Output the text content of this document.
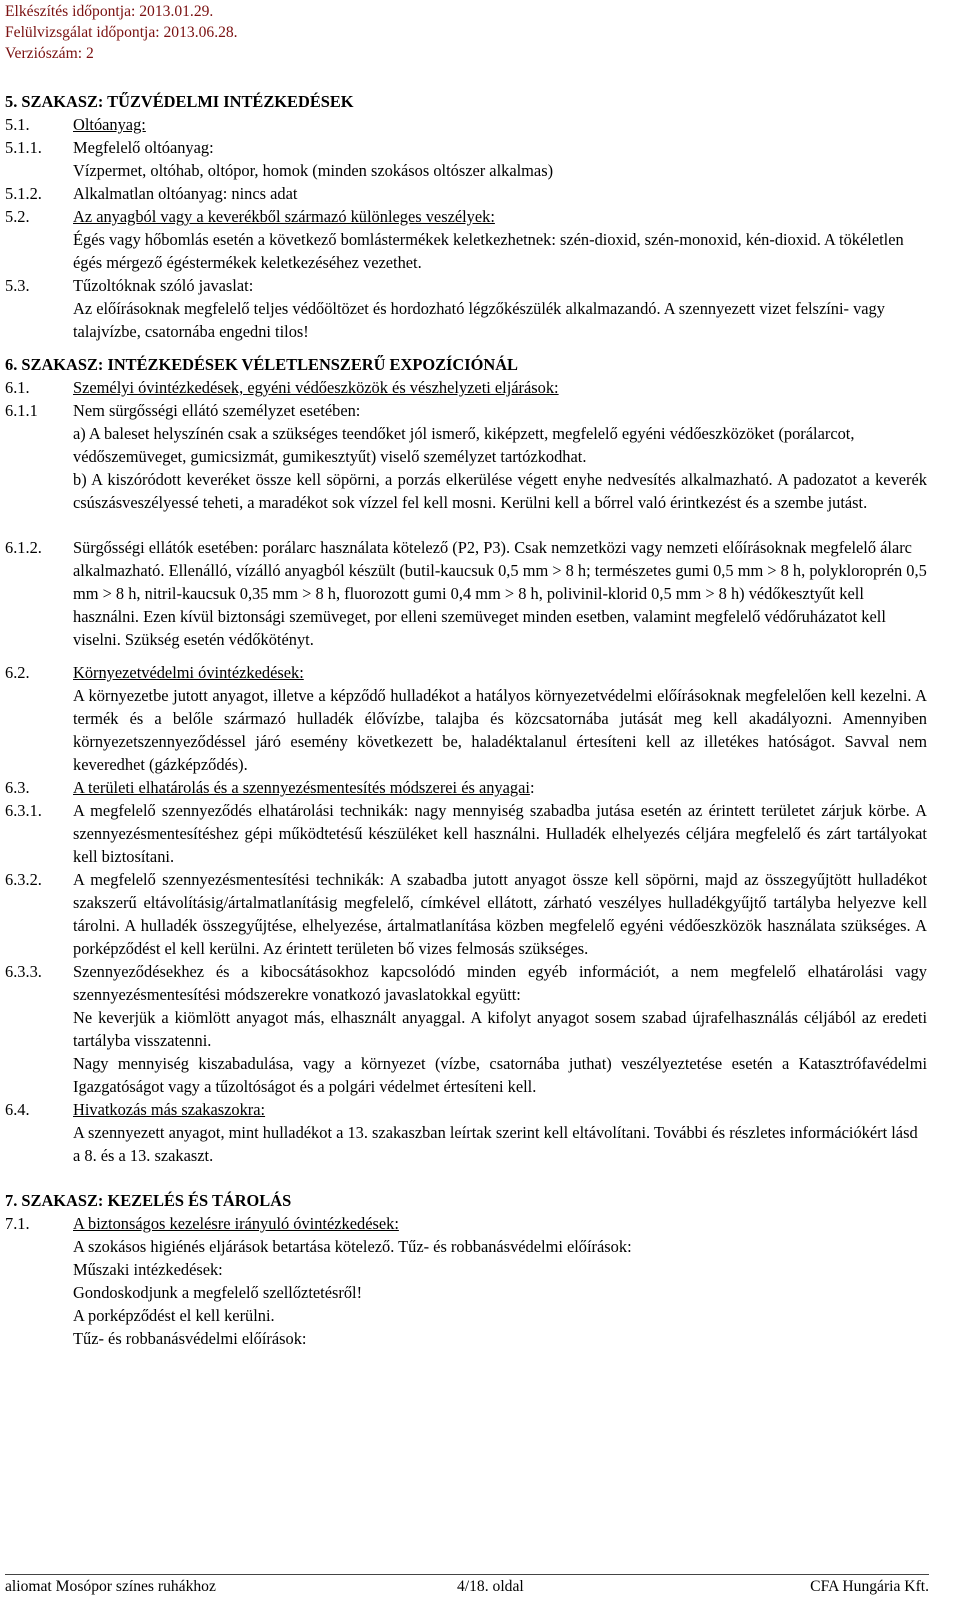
Elkészítés időpontja: 2013.01.29.
Felülvizsgálat időpontja: 2013.06.28.
Verziószám: 2
5. SZAKASZ: TŰZVÉDELMI INTÉZKEDÉSEK
5.1.	Oltóanyag:
5.1.1.	Megfelelő oltóanyag:
Vízpermet, oltóhab, oltópor, homok (minden szokásos oltószer alkalmas)
5.1.2.	Alkalmatlan oltóanyag: nincs adat
5.2.	Az anyagból vagy a keverékből származó különleges veszélyek:
Égés vagy hőbomlás esetén a következő bomlástermékek keletkezhetnek: szén-dioxid, szén-monoxid, kén-dioxid. A tökéletlen égés mérgező égéstermékek keletkezéséhez vezethet.
5.3.	Tűzoltóknak szóló javaslat:
Az előírásoknak megfelelő teljes védőöltözet és hordozható légzőkészülék alkalmazandó. A szennyezett vizet felszíni- vagy talajvízbe, csatornába engedni tilos!
6. SZAKASZ: INTÉZKEDÉSEK VÉLETLENSZERŰ EXPOZÍCIÓNÁL
6.1.	Személyi óvintézkedések, egyéni védőeszközök és vészhelyzeti eljárások:
6.1.1	Nem sürgősségi ellátó személyzet esetében:
a) A baleset helyszínén csak a szükséges teendőket jól ismerő, kiképzett, megfelelő egyéni védőeszközöket (porálarcot, védőszemüveget, gumicsizmát, gumikesztyűt) viselő személyzet tartózkodhat.
b) A kiszóródott keveréket össze kell söpörni, a porzás elkerülése végett enyhe nedvesítés alkalmazható. A padozatot a keverék csúszásveszélyessé teheti, a maradékot sok vízzel fel kell mosni. Kerülni kell a bőrrel való érintkezést és a szembe jutást.
6.1.2.	Sürgősségi ellátók esetében: porálarc használata kötelező (P2, P3). Csak nemzetközi vagy nemzeti előírásoknak megfelelő álarc alkalmazható. Ellenálló, vízálló anyagból készült (butil-kaucsuk 0,5 mm > 8 h; természetes gumi 0,5 mm > 8 h, polykloroprén 0,5 mm > 8 h, nitril-kaucsuk 0,35 mm > 8 h, fluorozott gumi 0,4 mm > 8 h, polivinil-klorid 0,5 mm > 8 h) védőkesztyűt kell használni. Ezen kívül biztonsági szemüveget, por elleni szemüveget minden esetben, valamint megfelelő védőruházatot kell viselni. Szükség esetén védőkötényt.
6.2.	Környezetvédelmi óvintézkedések:
A környezetbe jutott anyagot, illetve a képződő hulladékot a hatályos környezetvédelmi előírásoknak megfelelően kell kezelni. A termék és a belőle származó hulladék élővízbe, talajba és közcsatornába jutását meg kell akadályozni. Amennyiben környezetszennyeződéssel járó esemény következett be, haladéktalanul értesíteni kell az illetékes hatóságot. Savval nem keveredhet (gázképződés).
6.3.	A területi elhatárolás és a szennyezésmentesítés módszerei és anyagai:
6.3.1.	A megfelelő szennyeződés elhatárolási technikák: nagy mennyiség szabadba jutása esetén az érintett területet zárjuk körbe. A szennyezésmentesítéshez gépi működtetésű készüléket kell használni. Hulladék elhelyezés céljára megfelelő és zárt tartályokat kell biztosítani.
6.3.2.	A megfelelő szennyezésmentesítési technikák: A szabadba jutott anyagot össze kell söpörni, majd az összegyűjtött hulladékot szakszerű eltávolításig/ártalmatlanításig megfelelő, címkével ellátott, zárható veszélyes hulladékgyűjtő tartályba helyezve kell tárolni. A hulladék összegyűjtése, elhelyezése, ártalmatlanítása közben megfelelő egyéni védőeszközök használata szükséges. A porképződést el kell kerülni. Az érintett területen bő vizes felmosás szükséges.
6.3.3.	Szennyeződésekhez és a kibocsátásokhoz kapcsolódó minden egyéb információt, a nem megfelelő elhatárolási vagy szennyezésmentesítési módszerekre vonatkozó javaslatokkal együtt:
Ne keverjük a kiömlött anyagot más, elhasznált anyaggal. A kifolyt anyagot sosem szabad újrafelhasználás céljából az eredeti tartályba visszatenni.
Nagy mennyiség kiszabadulása, vagy a környezet (vízbe, csatornába juthat) veszélyeztetése esetén a Katasztrófavédelmi Igazgatóságot vagy a tűzoltóságot és a polgári védelmet értesíteni kell.
6.4.	Hivatkozás más szakaszokra:
A szennyezett anyagot, mint hulladékot a 13. szakaszban leírtak szerint kell eltávolítani. További és részletes információkért lásd a 8. és a 13. szakaszt.
7. SZAKASZ: KEZELÉS ÉS TÁROLÁS
7.1.	A biztonságos kezelésre irányuló óvintézkedések:
A szokásos higiénés eljárások betartása kötelező. Tűz- és robbanásvédelmi előírások:
Műszaki intézkedések:
Gondoskodjunk a megfelelő szellőztetésről!
A porképződést el kell kerülni.
Tűz- és robbanásvédelmi előírások:
aliomat Mosópor színes ruhákhoz	4/18. oldal	CFA Hungária Kft.
